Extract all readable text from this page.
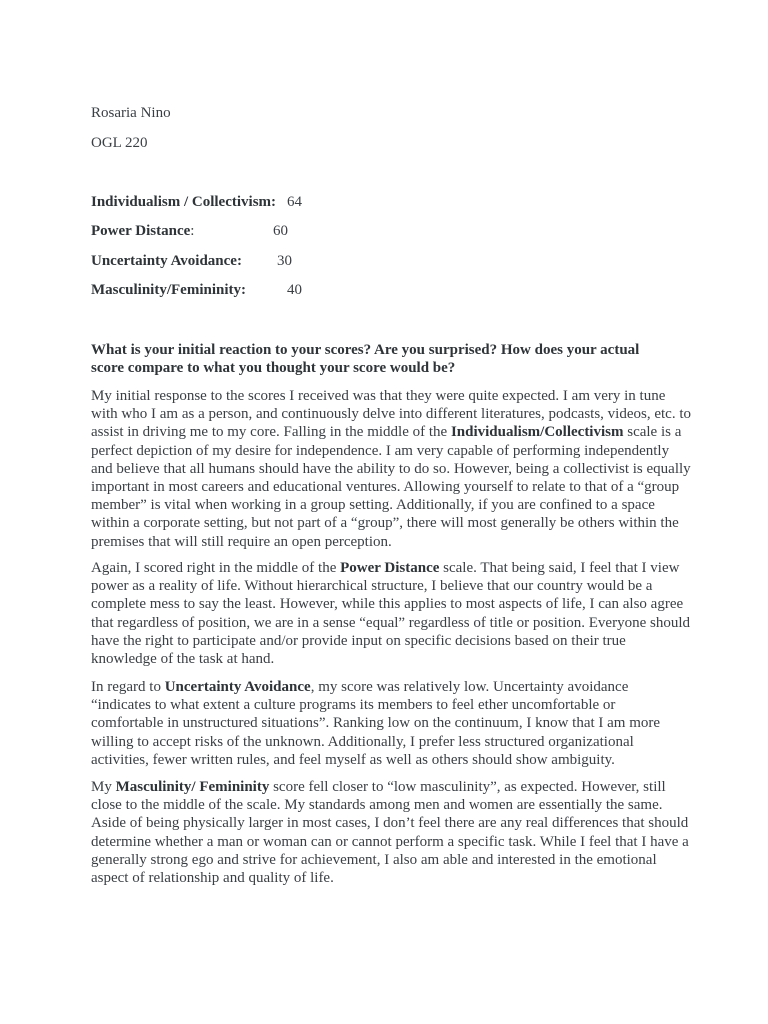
Rosaria Nino

OGL 220

Individualism / Collectivism: 64
Power Distance:	60
Uncertainty Avoidance: 30
Masculinity/Femininity:	40

What is your initial reaction to your scores? Are you surprised? How does your actual score compare to what you thought your score would be?

My initial response to the scores I received was that they were quite expected. I am very in tune with who I am as a person, and continuously delve into different literatures, podcasts, videos, etc. to assist in driving me to my core. Falling in the middle of the Individualism/Collectivism scale is a perfect depiction of my desire for independence. I am very capable of performing independently and believe that all humans should have the ability to do so. However, being a collectivist is equally important in most careers and educational ventures. Allowing yourself to relate to that of a “group member” is vital when working in a group setting. Additionally, if you are confined to a space within a corporate setting, but not part of a “group”, there will most generally be others within the premises that will still require an open perception.

Again, I scored right in the middle of the Power Distance scale. That being said, I feel that I view power as a reality of life. Without hierarchical structure, I believe that our country would be a complete mess to say the least. However, while this applies to most aspects of life, I can also agree that regardless of position, we are in a sense “equal” regardless of title or position. Everyone should have the right to participate and/or provide input on specific decisions based on their true knowledge of the task at hand.

In regard to Uncertainty Avoidance, my score was relatively low. Uncertainty avoidance “indicates to what extent a culture programs its members to feel ether uncomfortable or comfortable in unstructured situations”. Ranking low on the continuum, I know that I am more willing to accept risks of the unknown. Additionally, I prefer less structured organizational activities, fewer written rules, and feel myself as well as others should show ambiguity.

My Masculinity/ Femininity score fell closer to “low masculinity”, as expected. However, still close to the middle of the scale. My standards among men and women are essentially the same. Aside of being physically larger in most cases, I don’t feel there are any real differences that should determine whether a man or woman can or cannot perform a specific task. While I feel that I have a generally strong ego and strive for achievement, I also am able and interested in the emotional aspect of relationship and quality of life.
